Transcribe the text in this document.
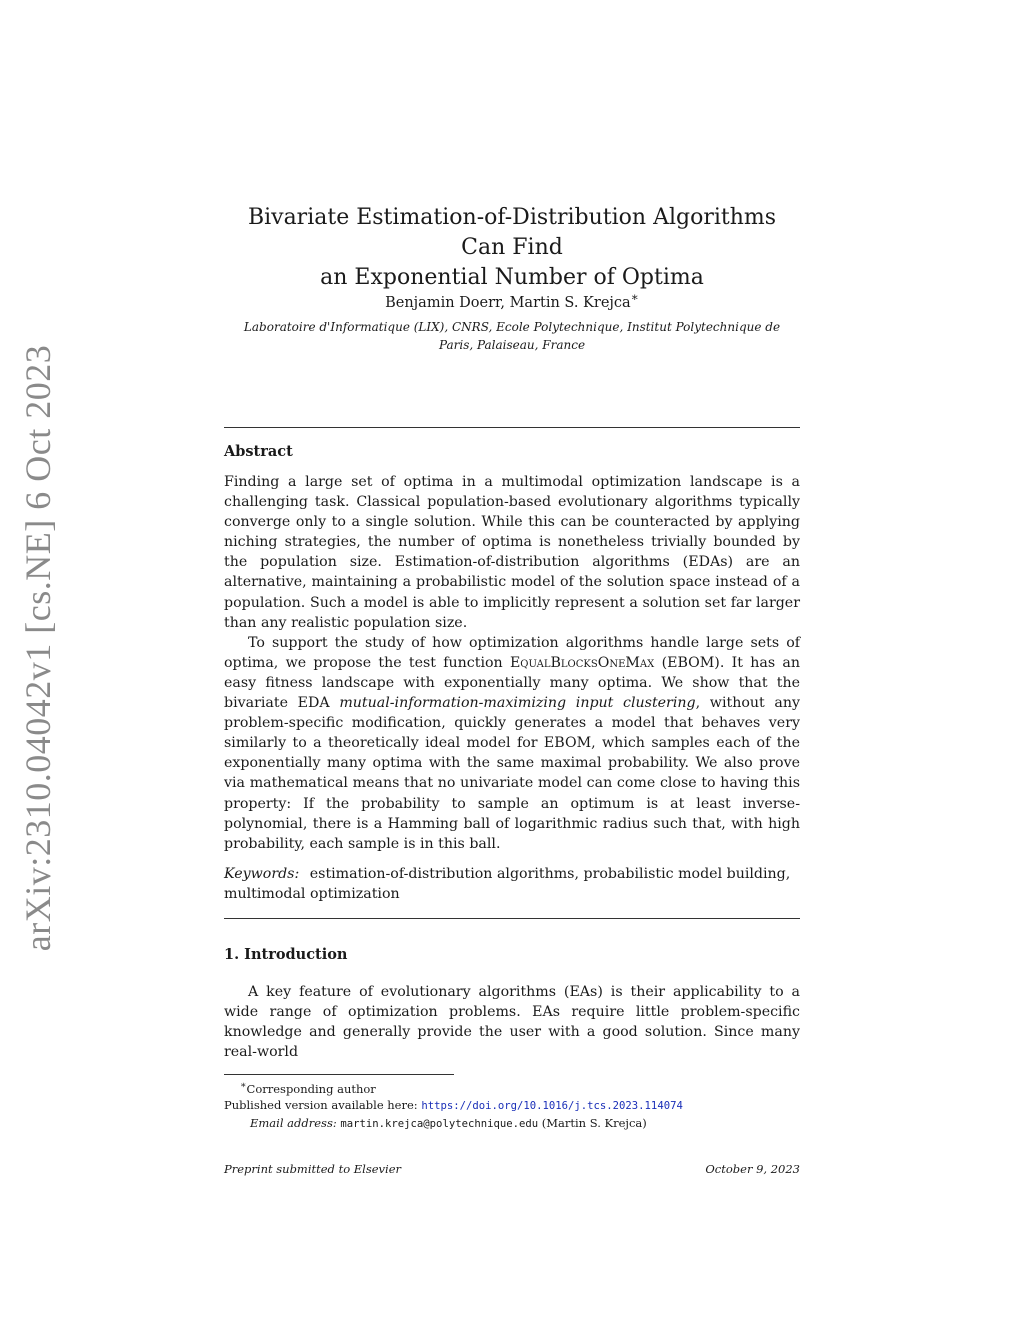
arXiv:2310.04042v1 [cs.NE] 6 Oct 2023
Bivariate Estimation-of-Distribution Algorithms Can Find
an Exponential Number of Optima
Benjamin Doerr, Martin S. Krejca∗
Laboratoire d'Informatique (LIX), CNRS, Ecole Polytechnique, Institut Polytechnique de
Paris, Palaiseau, France
Abstract

Finding a large set of optima in a multimodal optimization landscape is a challenging task. Classical population-based evolutionary algorithms typically converge only to a single solution. While this can be counteracted by applying niching strategies, the number of optima is nonetheless trivially bounded by the population size. Estimation-of-distribution algorithms (EDAs) are an alternative, maintaining a probabilistic model of the solution space instead of a population. Such a model is able to implicitly represent a solution set far larger than any realistic population size.

To support the study of how optimization algorithms handle large sets of optima, we propose the test function EqualBlocksOneMax (EBOM). It has an easy fitness landscape with exponentially many optima. We show that the bivariate EDA mutual-information-maximizing input clustering, without any problem-specific modification, quickly generates a model that behaves very similarly to a theoretically ideal model for EBOM, which samples each of the exponentially many optima with the same maximal probability. We also prove via mathematical means that no univariate model can come close to having this property: If the probability to sample an optimum is at least inverse-polynomial, there is a Hamming ball of logarithmic radius such that, with high probability, each sample is in this ball.

Keywords: estimation-of-distribution algorithms, probabilistic model building, multimodal optimization
1. Introduction

A key feature of evolutionary algorithms (EAs) is their applicability to a wide range of optimization problems. EAs require little problem-specific knowledge and generally provide the user with a good solution. Since many real-world

∗Corresponding author
Published version available here: https://doi.org/10.1016/j.tcs.2023.114074
Email address: martin.krejca@polytechnique.edu (Martin S. Krejca)
Preprint submitted to Elsevier	October 9, 2023
